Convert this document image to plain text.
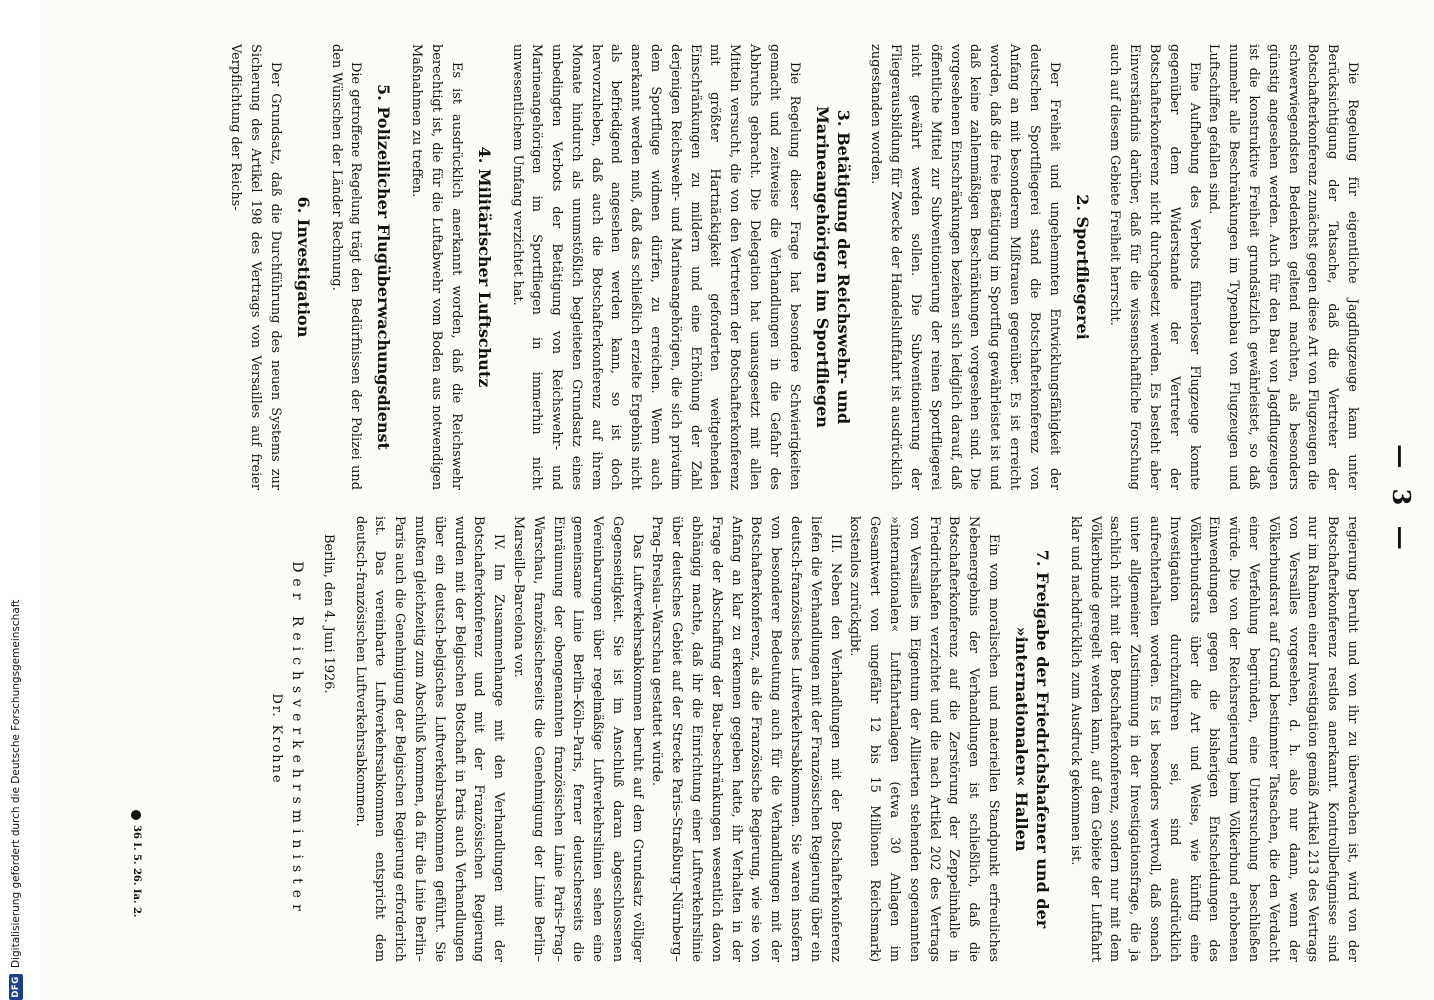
DFG
Digitalisierung gefördert durch die Deutsche Forschungsgemeinschaft
— 3 —

Die Regelung für eigentliche Jagdflugzeuge kann unter Berücksichtigung der Tatsache, daß die Vertreter der Botschafterkonferenz zunächst gegen diese Art von Flugzeugen die schwerwiegendsten Bedenken geltend machten, als besonders günstig angesehen werden. Auch für den Bau von Jagdflugzeugen ist die konstruktive Freiheit grundsätzlich gewährleistet, so daß nunmehr alle Beschränkungen im Typenbau von Flugzeugen und Luftschiffen gefallen sind.

Eine Aufhebung des Verbots führerloser Flugzeuge konnte gegenüber dem Widerstande der Vertreter der Botschafterkonferenz nicht durchgesetzt werden. Es besteht aber Einverständnis darüber, daß für die wissenschaftliche Forschung auch auf diesem Gebiete Freiheit herrscht.

2. Sportfliegerei

Der Freiheit und ungehemmten Entwicklungsfähigkeit der deutschen Sportfliegerei stand die Botschafterkonferenz von Anfang an mit besonderem Mißtrauen gegenüber. Es ist erreicht worden, daß die freie Betätigung im Sportflug gewährleistet ist und daß keine zahlenmäßigen Beschränkungen vorgesehen sind. Die vorgesehenen Einschränkungen beziehen sich lediglich darauf, daß öffentliche Mittel zur Subventionierung der reinen Sportfliegerei nicht gewährt werden sollen. Die Subventionierung der Fliegerausbildung für Zwecke der Handelsluftfahrt ist ausdrücklich zugestanden worden.

3. Betätigung der Reichswehr- und Marineangehörigen im Sportfliegen

Die Regelung dieser Frage hat besondere Schwierigkeiten gemacht und zeitweise die Verhandlungen in die Gefahr des Abbruchs gebracht. Die Delegation hat unausgesetzt mit allen Mitteln versucht, die von den Vertretern der Botschafterkonferenz mit größter Hartnäckigkeit geforderten weitgehenden Einschränkungen zu mildern und eine Erhöhung der Zahl derjenigen Reichswehr- und Marineangehörigen, die sich privatim dem Sportfluge widmen dürfen, zu erreichen. Wenn auch anerkannt werden muß, daß das schließlich erzielte Ergebnis nicht als befriedigend angesehen werden kann, so ist doch hervorzuheben, daß auch die Botschafterkonferenz auf ihrem Monate hindurch als unumstößlich begleiteten Grundsatz eines unbedingten Verbots der Betätigung von Reichswehr- und Marineangehörigen im Sportfliegen in immerhin nicht unwesentlichem Umfang verzichtet hat.

4. Militärischer Luftschutz

Es ist ausdrücklich anerkannt worden, daß die Reichswehr berechtigt ist, die für die Luftabwehr vom Boden aus notwendigen Maßnahmen zu treffen.

5. Polizeilicher Flugüberwachungsdienst

Die getroffene Regelung trägt den Bedürfnissen der Polizei und den Wünschen der Länder Rechnung.

6. Investigation

Der Grundsatz, daß die Durchführung des neuen Systems zur Sicherung des Artikel 198 des Vertrags von Versailles auf freier Verpflichtung der Reichs-

regierung beruht und von ihr zu überwachen ist, wird von der Botschafterkonferenz restlos anerkannt. Kontrollbefugnisse sind nur im Rahmen einer Investigation gemäß Artikel 213 des Vertrags von Versailles vorgesehen, d. h. also nur dann, wenn der Völkerbundsrat auf Grund bestimmter Tatsachen, die den Verdacht einer Verfehlung begründen, eine Untersuchung beschließen würde. Die von der Reichsregierung beim Völkerbund erhobenen Einwendungen gegen die bisherigen Entscheidungen des Völkerbundsrats über die Art und Weise, wie künftig eine Investigation durchzuführen sei, sind ausdrücklich aufrechterhalten worden. Es ist besonders wertvoll, daß sonach unter allgemeiner Zustimmung in der Investigationsfrage, die ja sachlich nicht mit der Botschafterkonferenz, sondern nur mit dem Völkerbunde geregelt werden kann, auf dem Gebiete der Luftfahrt klar und nachdrücklich zum Ausdruck gekommen ist.

7. Freigabe der Friedrichshafener und der »internationalen« Hallen

Ein vom moralischen und materiellen Standpunkt erfreuliches Nebenergebnis der Verhandlungen ist schließlich, daß die Botschafterkonferenz auf die Zerstörung der Zeppelinhalle in Friedrichshafen verzichtet und die nach Artikel 202 des Vertrags von Versailles im Eigentum der Alliierten stehenden sogenannten »internationalen« Luftfahrtanlagen (etwa 30 Anlagen im Gesamtwert von ungefähr 12 bis 15 Millionen Reichsmark) kostenlos zurückgibt.

III. Neben den Verhandlungen mit der Botschafterkonferenz liefen die Verhandlungen mit der Französischen Regierung über ein deutsch-französisches Luftverkehrsabkommen. Sie waren insofern von besonderer Bedeutung auch für die Verhandlungen mit der Botschafterkonferenz, als die Französische Regierung, wie sie von Anfang an klar zu erkennen gegeben hatte, ihr Verhalten in der Frage der Abschaffung der Bau-beschränkungen wesentlich davon abhängig machte, daß ihr die Einrichtung einer Luftverkehrslinie über deutsches Gebiet auf der Strecke Paris–Straßburg–Nürnberg–Prag–Breslau–Warschau gestattet würde.

Das Luftverkehrsabkommen beruht auf dem Grundsatz völliger Gegenseitigkeit. Sie ist im Anschluß daran abgeschlossenen Vereinbarungen über regelmäßige Luftverkehrslinien sehen eine gemeinsame Linie Berlin–Köln–Paris, ferner deutscherseits die Einräumung der obengenannten französischen Linie Paris–Prag–Warschau, französischerseits die Genehmigung der Linie Berlin–Marseille–Barcelona vor.

IV. Im Zusammenhange mit den Verhandlungen mit der Botschafterkonferenz und mit der Französischen Regierung wurden mit der Belgischen Botschaft in Paris auch Verhandlungen über ein deutsch-belgisches Luftverkehrsabkommen geführt. Sie mußten gleichzeitig zum Abschluß kommen, da für die Linie Berlin–Paris auch die Genehmigung der Belgischen Regierung erforderlich ist. Das vereinbarte Luftverkehrsabkommen entspricht dem deutsch-französischen Luftverkehrsabkommen.

Berlin, den 4. Juni 1926.

Der Reichsverkehrsminister

Dr. Krohne

36 I. 5. 26. Ia. 2.
